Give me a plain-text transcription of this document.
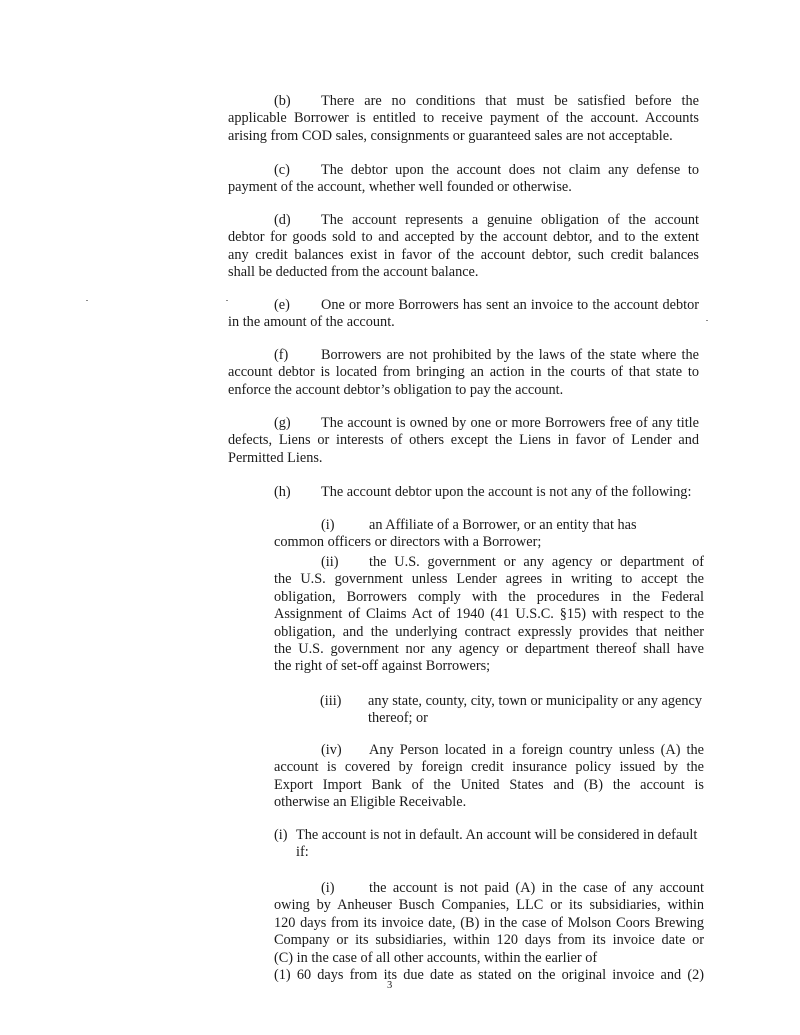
(b)	There are no conditions that must be satisfied before the
applicable Borrower is entitled to receive payment of the account. Accounts
arising from COD sales, consignments or guaranteed sales are not acceptable.
(c)	The debtor upon the account does not claim any defense to
payment of the account, whether well founded or otherwise.
(d)	The account represents a genuine obligation of the account
debtor for goods sold to and accepted by the account debtor, and to the extent
any credit balances exist in favor of the account debtor, such credit balances
shall be deducted from the account balance.
(e)	One or more Borrowers has sent an invoice to the account debtor
in the amount of the account.
(f)	Borrowers are not prohibited by the laws of the state where the
account debtor is located from bringing an action in the courts of that state to
enforce the account debtor’s obligation to pay the account.
(g)	The account is owned by one or more Borrowers free of any title
defects, Liens or interests of others except the Liens in favor of Lender and
Permitted Liens.
(h)	The account debtor upon the account is not any of the following:
(i)	an Affiliate of a Borrower, or an entity that has
common officers or directors with a Borrower;
(ii)	the U.S. government or any agency or department of
the U.S. government unless Lender agrees in writing to accept the
obligation, Borrowers comply with the procedures in the Federal
Assignment of Claims Act of 1940 (41 U.S.C. §15) with respect to the
obligation, and the underlying contract expressly provides that neither
the U.S. government nor any agency or department thereof shall have
the right of set-off against Borrowers;
(iii)	any state, county, city, town or municipality or any agency
thereof; or
(iv)	Any Person located in a foreign country unless (A) the
account is covered by foreign credit insurance policy issued by the
Export Import Bank of the United States and (B) the account is
otherwise an Eligible Receivable.
(i) The account is not in default. An account will be considered in default
if:
(i)	the account is not paid (A) in the case of any account
owing by Anheuser Busch Companies, LLC or its subsidiaries, within
120 days from its invoice date, (B) in the case of Molson Coors Brewing
Company or its subsidiaries, within 120 days from its invoice date or
(C) in the case of all other accounts, within the earlier of
(1) 60 days from its due date as stated on the original invoice and (2)
3
